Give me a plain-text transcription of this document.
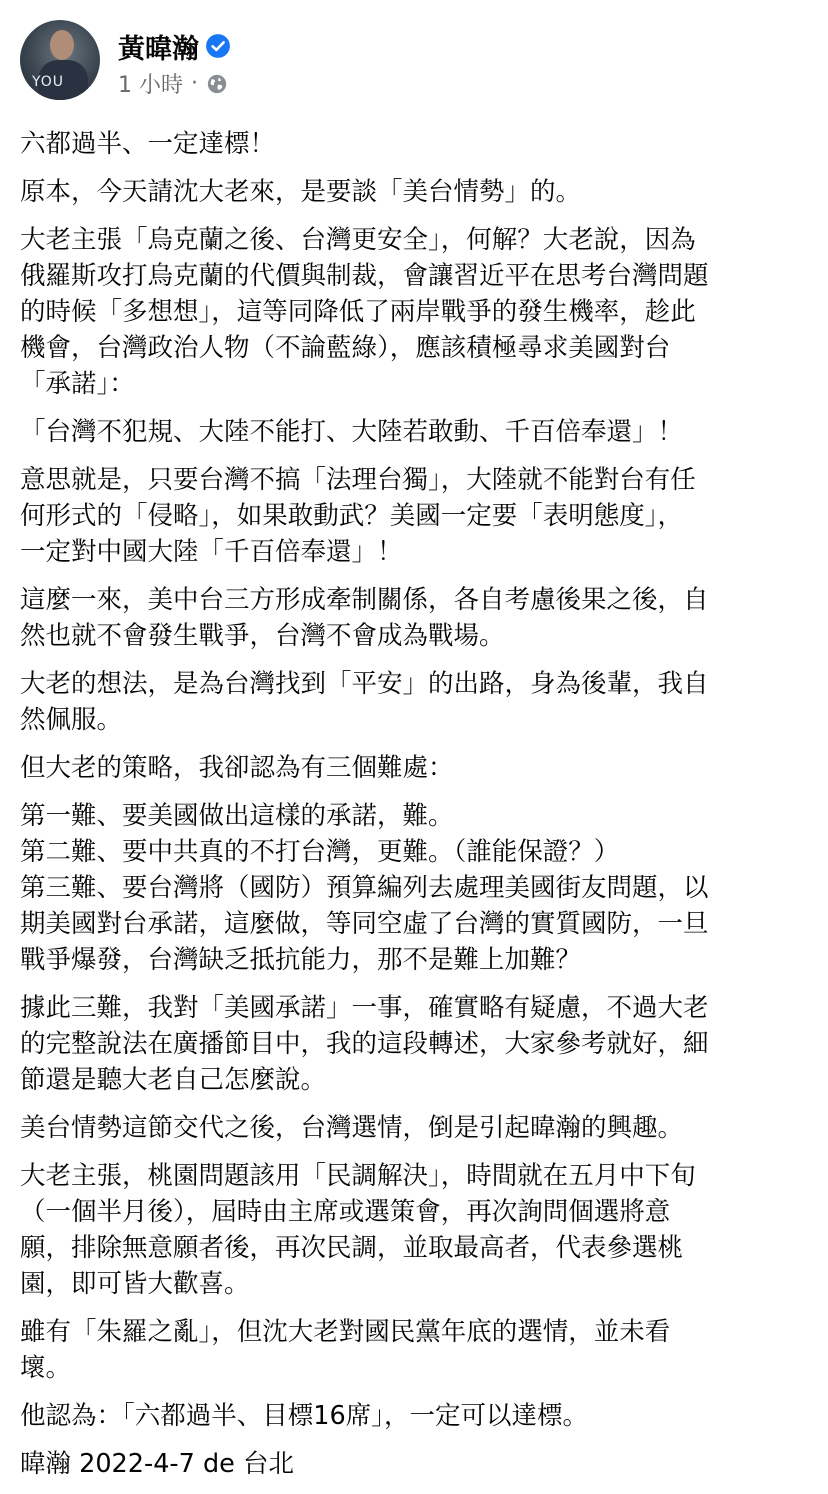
YOU
黃暐瀚
1 小時 ·

六都過半、一定達標！

原本，今天請沈大老來，是要談「美台情勢」的。

大老主張「烏克蘭之後、台灣更安全」，何解？大老說，因為
俄羅斯攻打烏克蘭的代價與制裁，會讓習近平在思考台灣問題
的時候「多想想」，這等同降低了兩岸戰爭的發生機率，趁此
機會，台灣政治人物（不論藍綠），應該積極尋求美國對台
「承諾」：

「台灣不犯規、大陸不能打、大陸若敢動、千百倍奉還」！

意思就是，只要台灣不搞「法理台獨」，大陸就不能對台有任
何形式的「侵略」，如果敢動武？美國一定要「表明態度」，
一定對中國大陸「千百倍奉還」！

這麼一來，美中台三方形成牽制關係，各自考慮後果之後，自
然也就不會發生戰爭，台灣不會成為戰場。

大老的想法，是為台灣找到「平安」的出路，身為後輩，我自
然佩服。

但大老的策略，我卻認為有三個難處：

第一難、要美國做出這樣的承諾，難。
第二難、要中共真的不打台灣，更難。（誰能保證？）
第三難、要台灣將（國防）預算編列去處理美國街友問題，以
期美國對台承諾，這麼做，等同空虛了台灣的實質國防，一旦
戰爭爆發，台灣缺乏抵抗能力，那不是難上加難？

據此三難，我對「美國承諾」一事，確實略有疑慮，不過大老
的完整說法在廣播節目中，我的這段轉述，大家參考就好，細
節還是聽大老自己怎麼說。

美台情勢這節交代之後，台灣選情，倒是引起暐瀚的興趣。

大老主張，桃園問題該用「民調解決」，時間就在五月中下旬
（一個半月後），屆時由主席或選策會，再次詢問個選將意
願，排除無意願者後，再次民調，並取最高者，代表參選桃
園，即可皆大歡喜。

雖有「朱羅之亂」，但沈大老對國民黨年底的選情，並未看
壞。

他認為：「六都過半、目標16席」，一定可以達標。

暐瀚 2022-4-7 de 台北
